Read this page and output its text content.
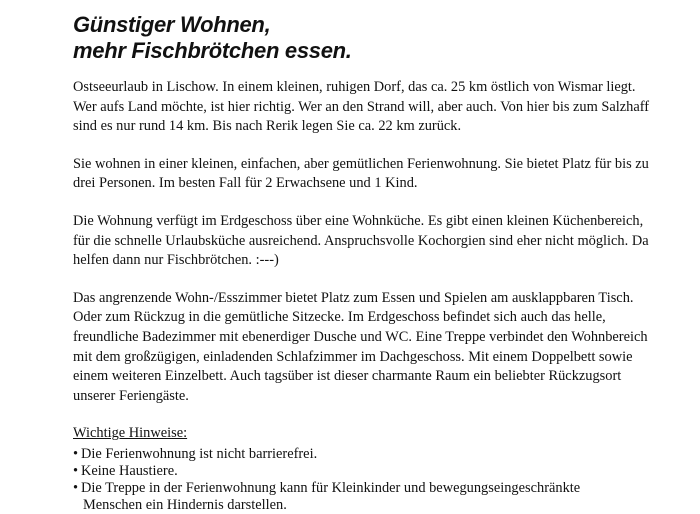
Günstiger Wohnen,
mehr Fischbrötchen essen.

Ostseeurlaub in Lischow. In einem kleinen, ruhigen Dorf, das ca. 25 km östlich von Wismar liegt.
Wer aufs Land möchte, ist hier richtig. Wer an den Strand will, aber auch. Von hier bis zum Salzhaff
sind es nur rund 14 km. Bis nach Rerik legen Sie ca. 22 km zurück.

Sie wohnen in einer kleinen, einfachen, aber gemütlichen Ferienwohnung. Sie bietet Platz für bis zu
drei Personen. Im besten Fall für 2 Erwachsene und 1 Kind.

Die Wohnung verfügt im Erdgeschoss über eine Wohnküche. Es gibt einen kleinen Küchenbereich,
für die schnelle Urlaubsküche ausreichend. Anspruchsvolle Kochorgien sind eher nicht möglich. Da
helfen dann nur Fischbrötchen. :---)

Das angrenzende Wohn-/Esszimmer bietet Platz zum Essen und Spielen am ausklappbaren Tisch.
Oder zum Rückzug in die gemütliche Sitzecke. Im Erdgeschoss befindet sich auch das helle,
freundliche Badezimmer mit ebenerdiger Dusche und WC. Eine Treppe verbindet den Wohnbereich
mit dem großzügigen, einladenden Schlafzimmer im Dachgeschoss. Mit einem Doppelbett sowie
einem weiteren Einzelbett. Auch tagsüber ist dieser charmante Raum ein beliebter Rückzugsort
unserer Feriengäste.

Wichtige Hinweise:
• Die Ferienwohnung ist nicht barrierefrei.
• Keine Haustiere.
• Die Treppe in der Ferienwohnung kann für Kleinkinder und bewegungseingeschränkte
Menschen ein Hindernis darstellen.
